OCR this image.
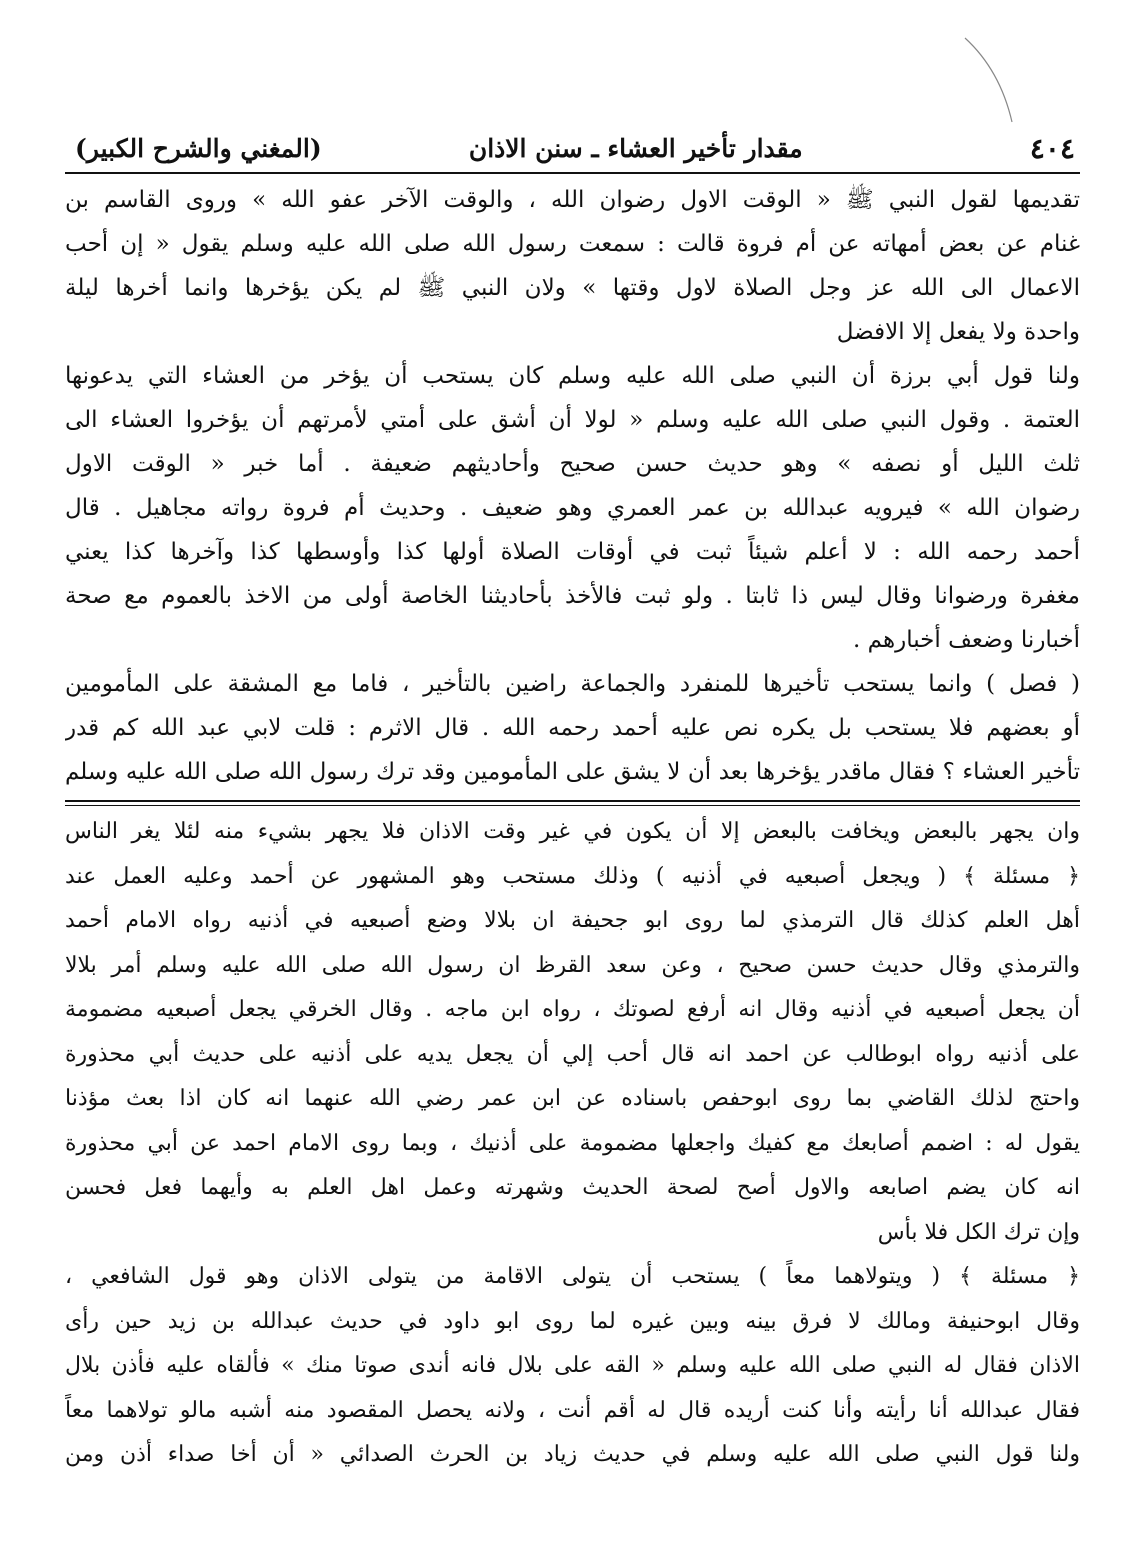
٤٠٤
مقدار تأخير العشاء ـ سنن الاذان
(المغني والشرح الكبير)
تقديمها لقول النبي ﷺ « الوقت الاول رضوان الله ، والوقت الآخر عفو الله » وروى القاسم بن
غنام عن بعض أمهاته عن أم فروة قالت : سمعت رسول الله صلى الله عليه وسلم يقول « إن أحب
الاعمال الى الله عز وجل الصلاة لاول وقتها » ولان النبي ﷺ لم يكن يؤخرها وانما أخرها ليلة
واحدة ولا يفعل إلا الافضل
ولنا قول أبي برزة أن النبي صلى الله عليه وسلم كان يستحب أن يؤخر من العشاء التي يدعونها
العتمة . وقول النبي صلى الله عليه وسلم « لولا أن أشق على أمتي لأمرتهم أن يؤخروا العشاء الى
ثلث الليل أو نصفه » وهو حديث حسن صحيح وأحاديثهم ضعيفة . أما خبر « الوقت الاول
رضوان الله » فيرويه عبدالله بن عمر العمري وهو ضعيف . وحديث أم فروة رواته مجاهيل . قال
أحمد رحمه الله : لا أعلم شيئاً ثبت في أوقات الصلاة أولها كذا وأوسطها كذا وآخرها كذا يعني
مغفرة ورضوانا وقال ليس ذا ثابتا . ولو ثبت فالأخذ بأحاديثنا الخاصة أولى من الاخذ بالعموم مع صحة
أخبارنا وضعف أخبارهم .
( فصل ) وانما يستحب تأخيرها للمنفرد والجماعة راضين بالتأخير ، فاما مع المشقة على المأمومين
أو بعضهم فلا يستحب بل يكره نص عليه أحمد رحمه الله . قال الاثرم : قلت لابي عبد الله كم قدر
تأخير العشاء ؟ فقال ماقدر يؤخرها بعد أن لا يشق على المأمومين وقد ترك رسول الله صلى الله عليه وسلم
وان يجهر بالبعض ويخافت بالبعض إلا أن يكون في غير وقت الاذان فلا يجهر بشيء منه لئلا يغر الناس
﴿ مسئلة ﴾ ( ويجعل أصبعيه في أذنيه ) وذلك مستحب وهو المشهور عن أحمد وعليه العمل عند
أهل العلم كذلك قال الترمذي لما روى ابو جحيفة ان بلالا وضع أصبعيه في أذنيه رواه الامام أحمد
والترمذي وقال حديث حسن صحيح ، وعن سعد القرظ ان رسول الله صلى الله عليه وسلم أمر بلالا
أن يجعل أصبعيه في أذنيه وقال انه أرفع لصوتك ، رواه ابن ماجه . وقال الخرقي يجعل أصبعيه مضمومة
على أذنيه رواه ابوطالب عن احمد انه قال أحب إلي أن يجعل يديه على أذنيه على حديث أبي محذورة
واحتج لذلك القاضي بما روى ابوحفص باسناده عن ابن عمر رضي الله عنهما انه كان اذا بعث مؤذنا
يقول له : اضمم أصابعك مع كفيك واجعلها مضمومة على أذنيك ، وبما روى الامام احمد عن أبي محذورة
انه كان يضم اصابعه والاول أصح لصحة الحديث وشهرته وعمل اهل العلم به وأيهما فعل فحسن
وإن ترك الكل فلا بأس
﴿ مسئلة ﴾ ( ويتولاهما معاً ) يستحب أن يتولى الاقامة من يتولى الاذان وهو قول الشافعي ،
وقال ابوحنيفة ومالك لا فرق بينه وبين غيره لما روى ابو داود في حديث عبدالله بن زيد حين رأى
الاذان فقال له النبي صلى الله عليه وسلم « القه على بلال فانه أندى صوتا منك » فألقاه عليه فأذن بلال
فقال عبدالله أنا رأيته وأنا كنت أريده قال له أقم أنت ، ولانه يحصل المقصود منه أشبه مالو تولاهما معاً
ولنا قول النبي صلى الله عليه وسلم في حديث زياد بن الحرث الصدائي « أن أخا صداء أذن ومن
